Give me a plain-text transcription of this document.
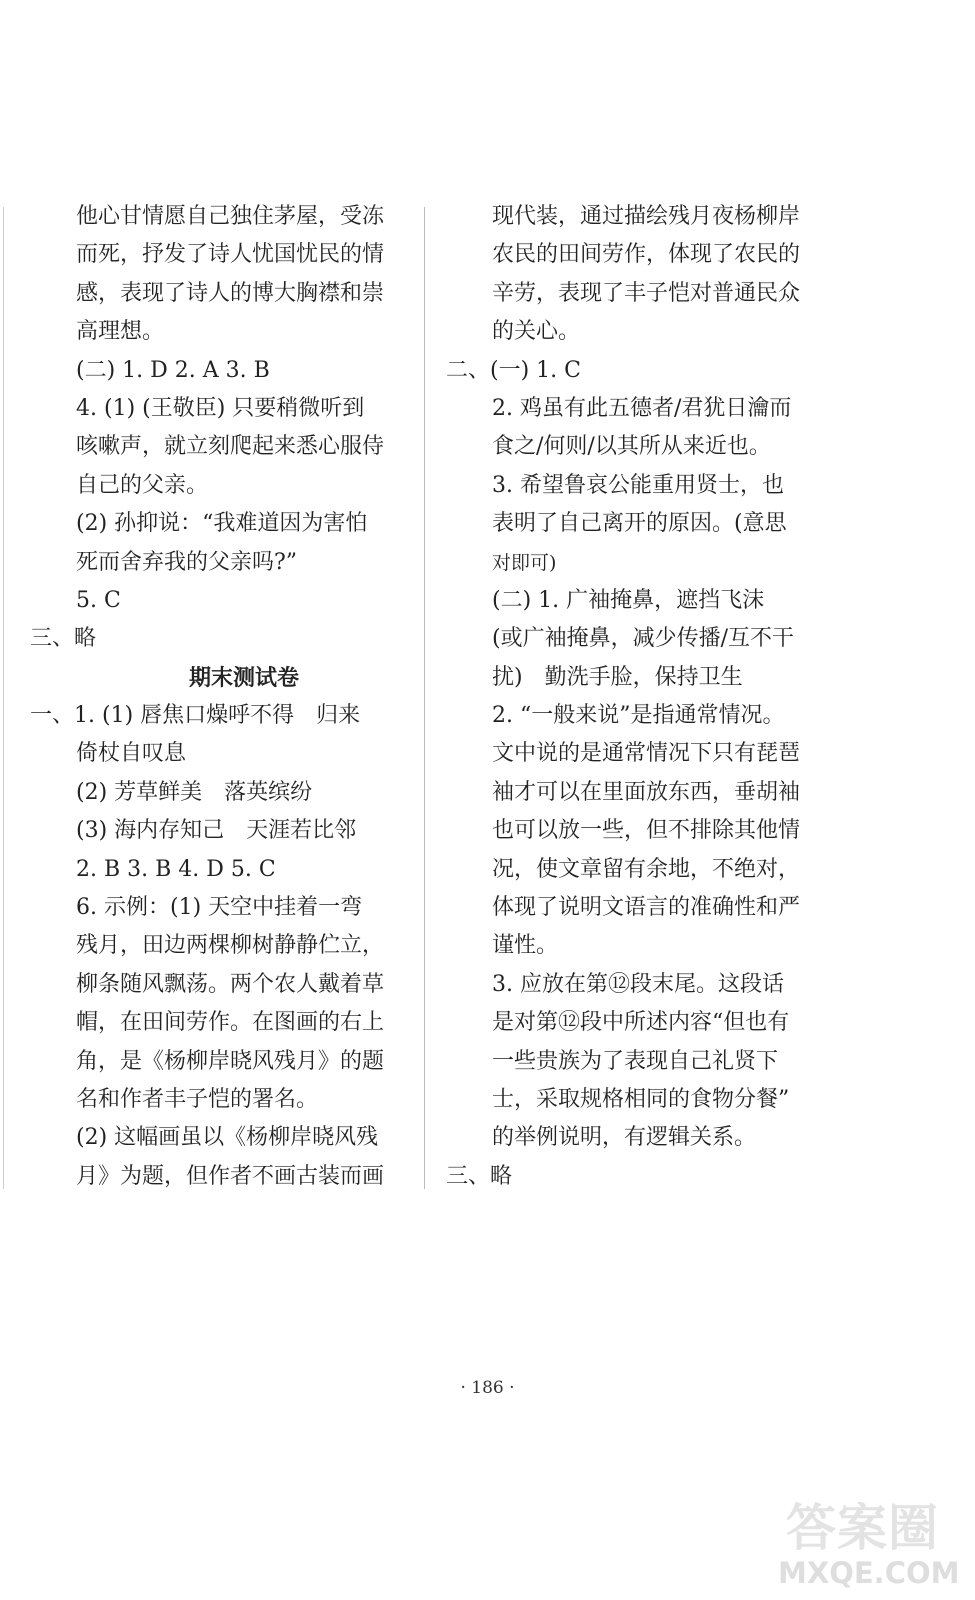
他心甘情愿自己独住茅屋，受冻
而死，抒发了诗人忧国忧民的情
感，表现了诗人的博大胸襟和崇
高理想。
(二) 1. D 2. A 3. B
4. (1) (王敬臣) 只要稍微听到
咳嗽声，就立刻爬起来悉心服侍
自己的父亲。
(2) 孙抑说：“我难道因为害怕
死而舍弃我的父亲吗?”
5. C
三、略
期末测试卷
一、1. (1) 唇焦口燥呼不得　归来
倚杖自叹息
(2) 芳草鲜美　落英缤纷
(3) 海内存知己　天涯若比邻
2. B 3. B 4. D 5. C
6. 示例：(1) 天空中挂着一弯
残月，田边两棵柳树静静伫立，
柳条随风飘荡。两个农人戴着草
帽，在田间劳作。在图画的右上
角，是《杨柳岸晓风残月》的题
名和作者丰子恺的署名。
(2) 这幅画虽以《杨柳岸晓风残
月》为题，但作者不画古装而画
现代装，通过描绘残月夜杨柳岸
农民的田间劳作，体现了农民的
辛劳，表现了丰子恺对普通民众
的关心。
二、(一) 1. C
2. 鸡虽有此五德者/君犹日瀹而
食之/何则/以其所从来近也。
3. 希望鲁哀公能重用贤士，也
表明了自己离开的原因。(意思
对即可)
(二) 1. 广袖掩鼻，遮挡飞沫
(或广袖掩鼻，减少传播/互不干
扰)　勤洗手脸，保持卫生
2. “一般来说”是指通常情况。
文中说的是通常情况下只有琵琶
袖才可以在里面放东西，垂胡袖
也可以放一些，但不排除其他情
况，使文章留有余地，不绝对，
体现了说明文语言的准确性和严
谨性。
3. 应放在第⑫段末尾。这段话
是对第⑫段中所述内容“但也有
一些贵族为了表现自己礼贤下
士，采取规格相同的食物分餐”
的举例说明，有逻辑关系。
三、略
· 186 ·
答案圈
MXQE.COM
